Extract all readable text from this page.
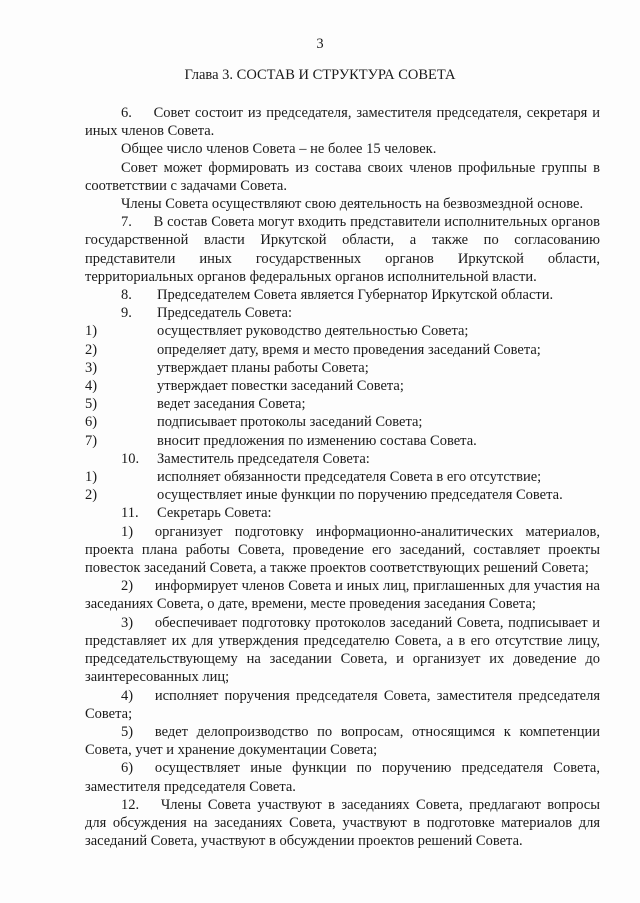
3
Глава 3. СОСТАВ И СТРУКТУРА СОВЕТА

6.  Совет состоит из председателя, заместителя председателя, секретаря и иных членов Совета.

Общее число членов Совета – не более 15 человек.

Совет может формировать из состава своих членов профильные группы в соответствии с задачами Совета.

Члены Совета осуществляют свою деятельность на безвозмездной основе.

7.  В состав Совета могут входить представители исполнительных органов государственной власти Иркутской области, а также по согласованию представители иных государственных органов Иркутской области, территориальных органов федеральных органов исполнительной власти.

8.	Председателем Совета является Губернатор Иркутской области.
9.	Председатель Совета:
1)	осуществляет руководство деятельностью Совета;
2)	определяет дату, время и место проведения заседаний Совета;
3)	утверждает планы работы Совета;
4)	утверждает повестки заседаний Совета;
5)	ведет заседания Совета;
6)	подписывает протоколы заседаний Совета;
7)	вносит предложения по изменению состава Совета.
10.	Заместитель председателя Совета:
1)	исполняет обязанности председателя Совета в его отсутствие;
2)	осуществляет иные функции по поручению председателя Совета.
11.	Секретарь Совета:

1)  организует подготовку информационно-аналитических материалов, проекта плана работы Совета, проведение его заседаний, составляет проекты повесток заседаний Совета, а также проектов соответствующих решений Совета;

2)  информирует членов Совета и иных лиц, приглашенных для участия на заседаниях Совета, о дате, времени, месте проведения заседания Совета;

3)  обеспечивает подготовку протоколов заседаний Совета, подписывает и представляет их для утверждения председателю Совета, а в его отсутствие лицу, председательствующему на заседании Совета, и организует их доведение до заинтересованных лиц;

4)  исполняет поручения председателя Совета, заместителя председателя Совета;

5)  ведет делопроизводство по вопросам, относящимся к компетенции Совета, учет и хранение документации Совета;

6)  осуществляет иные функции по поручению председателя Совета, заместителя председателя Совета.

12.  Члены Совета участвуют в заседаниях Совета, предлагают вопросы для обсуждения на заседаниях Совета, участвуют в подготовке материалов для заседаний Совета, участвуют в обсуждении проектов решений Совета.
